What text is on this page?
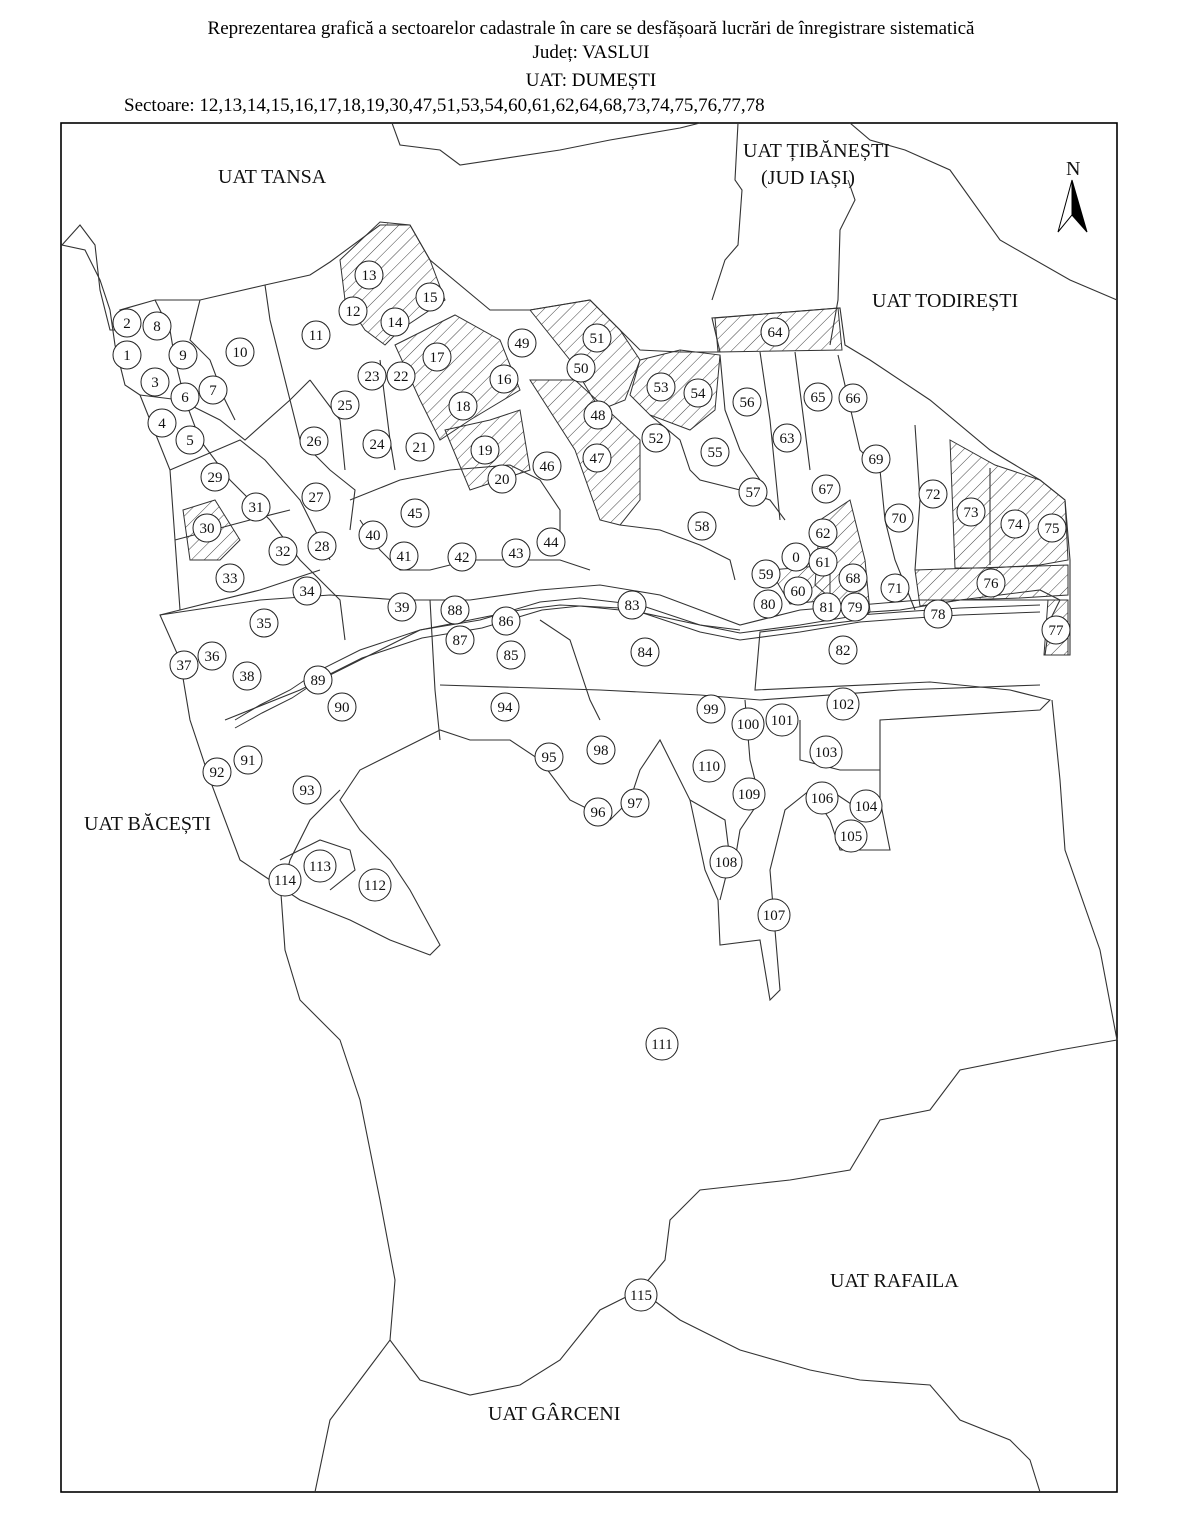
Reprezentarea grafică a sectoarelor cadastrale în care se desfășoară lucrări de înregistrare sistematică
Județ: VASLUI
UAT: DUMEȘTI
Sectoare: 12,13,14,15,16,17,18,19,30,47,51,53,54,60,61,62,64,68,73,74,75,76,77,78
UAT TANSA
UAT ȚIBĂNEȘTI
(JUD IAȘI)
UAT TODIREȘTI
UAT BĂCEȘTI
UAT RAFAILA
UAT GÂRCENI
N
1
2
3
4
5
6 7
8
9	10
11
12
13
14
15
16
17
18
19
20
21
22
23
24
25
26
27
28
29
30
31
32
33
34
35
36
37
38
39
40
41	42	43
44
45
46 47
48
49
50
51
52
53 54
55
56
57
58
59
0
60
61
62
63
64
65 66
67
68
69
70
71
72
73
74 75
76
77
78
79
80	81
82
83
84
85
86
87
88
89
90
91
92
93
94
95
96
97
98
99
100 101
102
103
104
105
106
107
108
109
110
111
112
113
114
115
